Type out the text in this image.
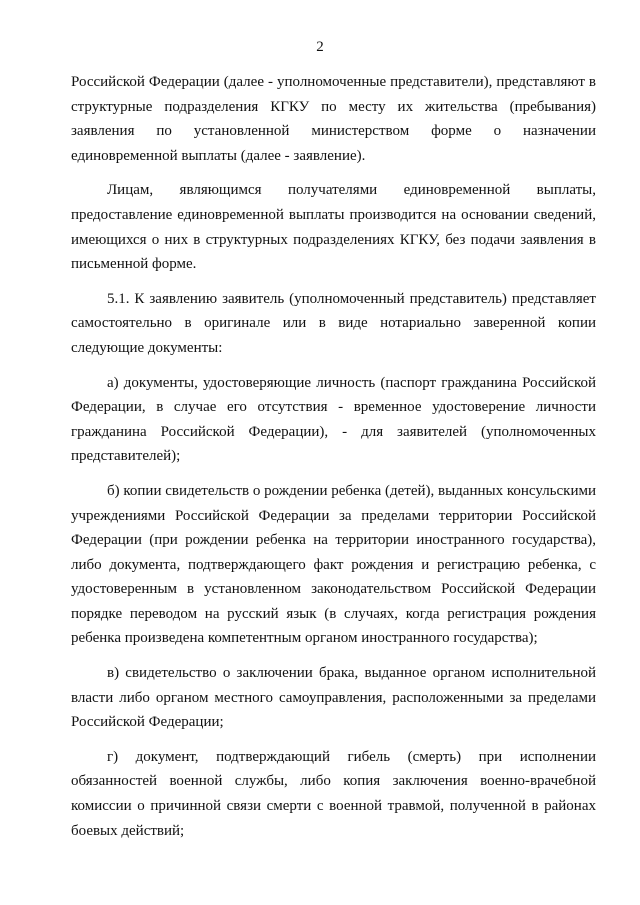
2

Российской Федерации (далее - уполномоченные представители), представляют в структурные подразделения КГКУ по месту их жительства (пребывания) заявления по установленной министерством форме о назначении единовременной выплаты (далее - заявление).

Лицам, являющимся получателями единовременной выплаты, предоставление единовременной выплаты производится на основании сведений, имеющихся о них в структурных подразделениях КГКУ, без подачи заявления в письменной форме.

5.1. К заявлению заявитель (уполномоченный представитель) представляет самостоятельно в оригинале или в виде нотариально заверенной копии следующие документы:

а) документы, удостоверяющие личность (паспорт гражданина Российской Федерации, в случае его отсутствия - временное удостоверение личности гражданина Российской Федерации), - для заявителей (уполномоченных представителей);

б) копии свидетельств о рождении ребенка (детей), выданных консульскими учреждениями Российской Федерации за пределами территории Российской Федерации (при рождении ребенка на территории иностранного государства), либо документа, подтверждающего факт рождения и регистрацию ребенка, с удостоверенным в установленном законодательством Российской Федерации порядке переводом на русский язык (в случаях, когда регистрация рождения ребенка произведена компетентным органом иностранного государства);

в) свидетельство о заключении брака, выданное органом исполнительной власти либо органом местного самоуправления, расположенными за пределами Российской Федерации;

г) документ, подтверждающий гибель (смерть) при исполнении обязанностей военной службы, либо копия заключения военно-врачебной комиссии о причинной связи смерти с военной травмой, полученной в районах боевых действий;
